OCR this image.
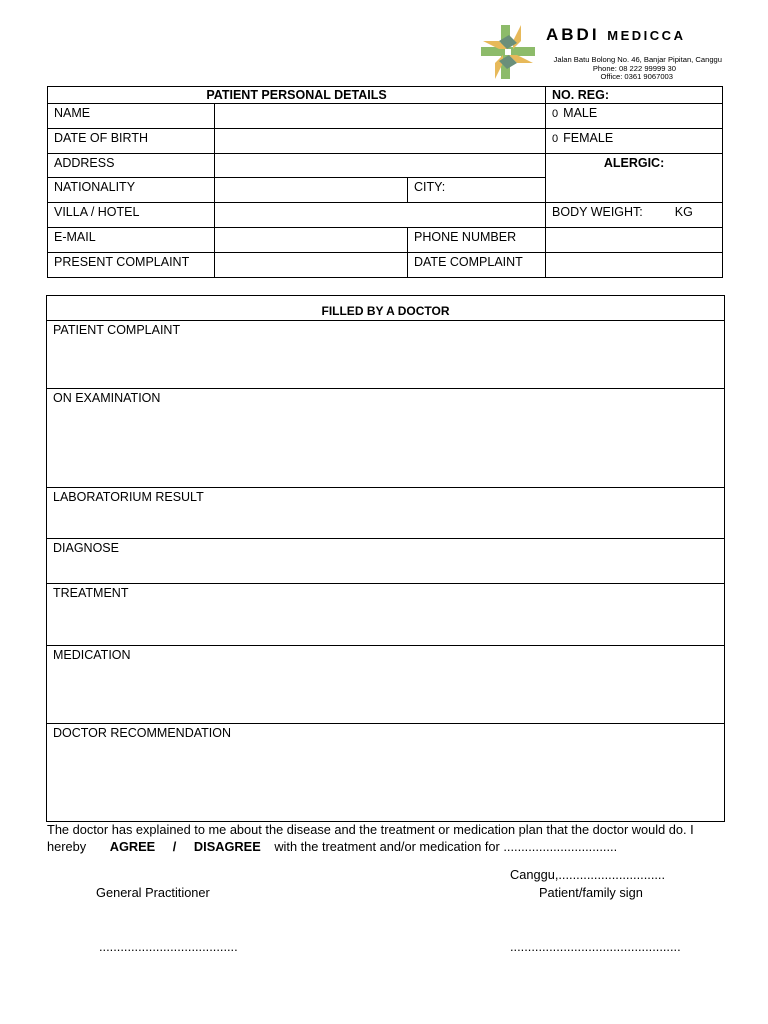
ABDI MEDICCA
Jalan Batu Bolong No. 46, Banjar Pipitan, Canggu
Phone: 08 222 99999 30
Office: 0361 9067003
PATIENT PERSONAL DETAILS			NO. REG:
NAME			0 MALE
DATE OF BIRTH			0 FEMALE
ADDRESS			ALERGIC:
NATIONALITY		CITY:	
VILLA / HOTEL			BODY WEIGHT: KG
E-MAIL		PHONE NUMBER	
PRESENT COMPLAINT		DATE COMPLAINT	
FILLED BY A DOCTOR
PATIENT COMPLAINT
ON EXAMINATION
LABORATORIUM RESULT
DIAGNOSE
TREATMENT
MEDICATION
DOCTOR RECOMMENDATION
The doctor has explained to me about the disease and the treatment or medication plan that the doctor would do. I
hereby AGREE / DISAGREE with the treatment and/or medication for ................................
Canggu,..............................
General Practitioner	Patient/family sign
.......................................	................................................
